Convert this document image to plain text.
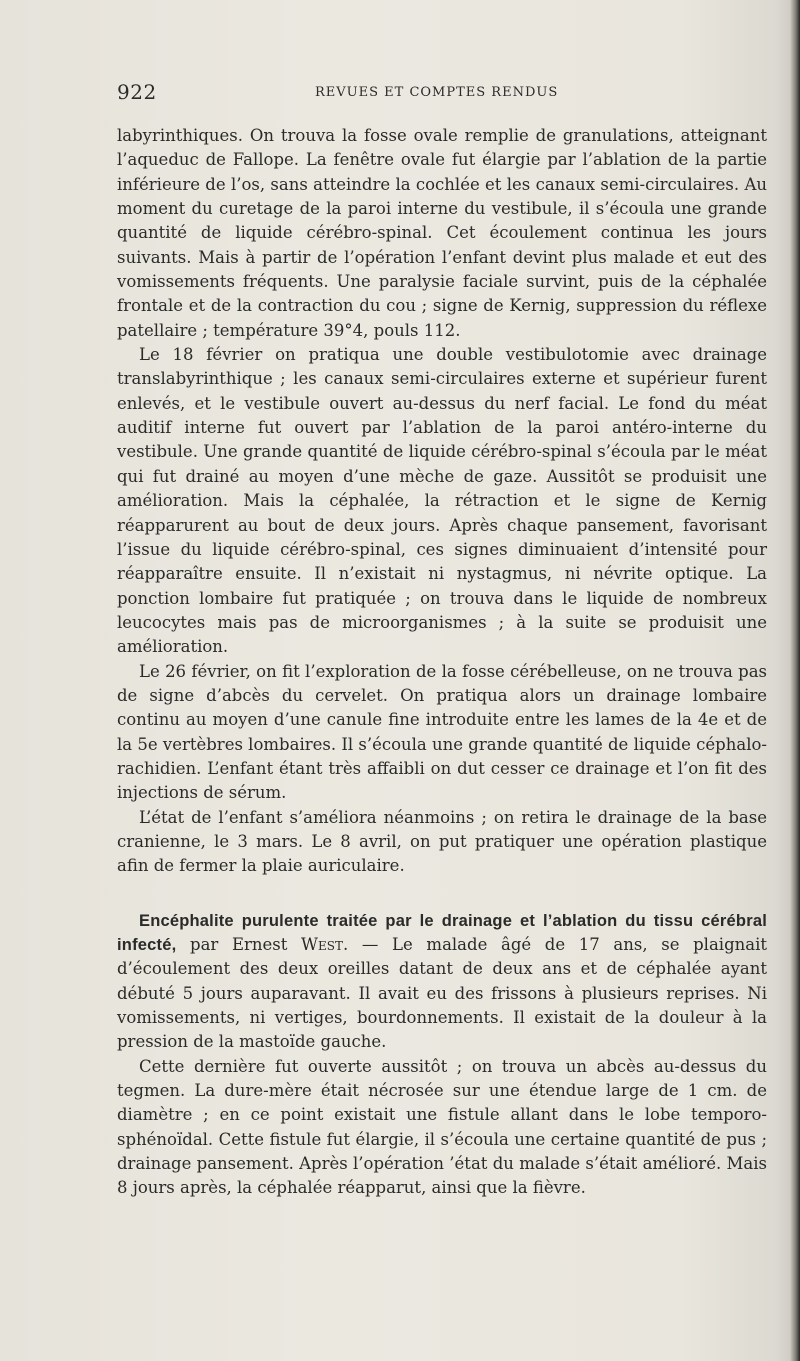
922	REVUES ET COMPTES RENDUS

labyrinthiques. On trouva la fosse ovale remplie de granulations, atteignant l’aqueduc de Fallope. La fenêtre ovale fut élargie par l’ablation de la partie inférieure de l’os, sans atteindre la cochlée et les canaux semi-circulaires. Au moment du curetage de la paroi interne du vestibule, il s’écoula une grande quantité de liquide cérébro-spinal. Cet écoulement continua les jours suivants. Mais à partir de l’opération l’enfant devint plus malade et eut des vomissements fréquents. Une paralysie faciale survint, puis de la céphalée frontale et de la contraction du cou ; signe de Kernig, suppression du réflexe patellaire ; température 39°4, pouls 112.

Le 18 février on pratiqua une double vestibulotomie avec drainage translabyrinthique ; les canaux semi-circulaires externe et supérieur furent enlevés, et le vestibule ouvert au-dessus du nerf facial. Le fond du méat auditif interne fut ouvert par l’ablation de la paroi antéro-interne du vestibule. Une grande quantité de liquide cérébro-spinal s’écoula par le méat qui fut drainé au moyen d’une mèche de gaze. Aussitôt se produisit une amélioration. Mais la céphalée, la rétraction et le signe de Kernig réapparurent au bout de deux jours. Après chaque pansement, favorisant l’issue du liquide cérébro-spinal, ces signes diminuaient d’intensité pour réapparaître ensuite. Il n’existait ni nystagmus, ni névrite optique. La ponction lombaire fut pratiquée ; on trouva dans le liquide de nombreux leucocytes mais pas de microorganismes ; à la suite se produisit une amélioration.

Le 26 février, on fit l’exploration de la fosse cérébelleuse, on ne trouva pas de signe d’abcès du cervelet. On pratiqua alors un drainage lombaire continu au moyen d’une canule fine introduite entre les lames de la 4e et de la 5e vertèbres lombaires. Il s’écoula une grande quantité de liquide céphalo-rachidien. L’enfant étant très affaibli on dut cesser ce drainage et l’on fit des injections de sérum.

L’état de l’enfant s’améliora néanmoins ; on retira le drainage de la base cranienne, le 3 mars. Le 8 avril, on put pratiquer une opération plastique afin de fermer la plaie auriculaire.

Encéphalite purulente traitée par le drainage et l’ablation du tissu cérébral infecté, par Ernest West. — Le malade âgé de 17 ans, se plaignait d’écoulement des deux oreilles datant de deux ans et de céphalée ayant débuté 5 jours auparavant. Il avait eu des frissons à plusieurs reprises. Ni vomissements, ni vertiges, bourdonnements. Il existait de la douleur à la pression de la mastoïde gauche.

Cette dernière fut ouverte aussitôt ; on trouva un abcès au-dessus du tegmen. La dure-mère était nécrosée sur une étendue large de 1 cm. de diamètre ; en ce point existait une fistule allant dans le lobe temporo-sphénoïdal. Cette fistule fut élargie, il s’écoula une certaine quantité de pus ; drainage pansement. Après l’opération ’état du malade s’était amélioré. Mais 8 jours après, la céphalée réapparut, ainsi que la fièvre.
